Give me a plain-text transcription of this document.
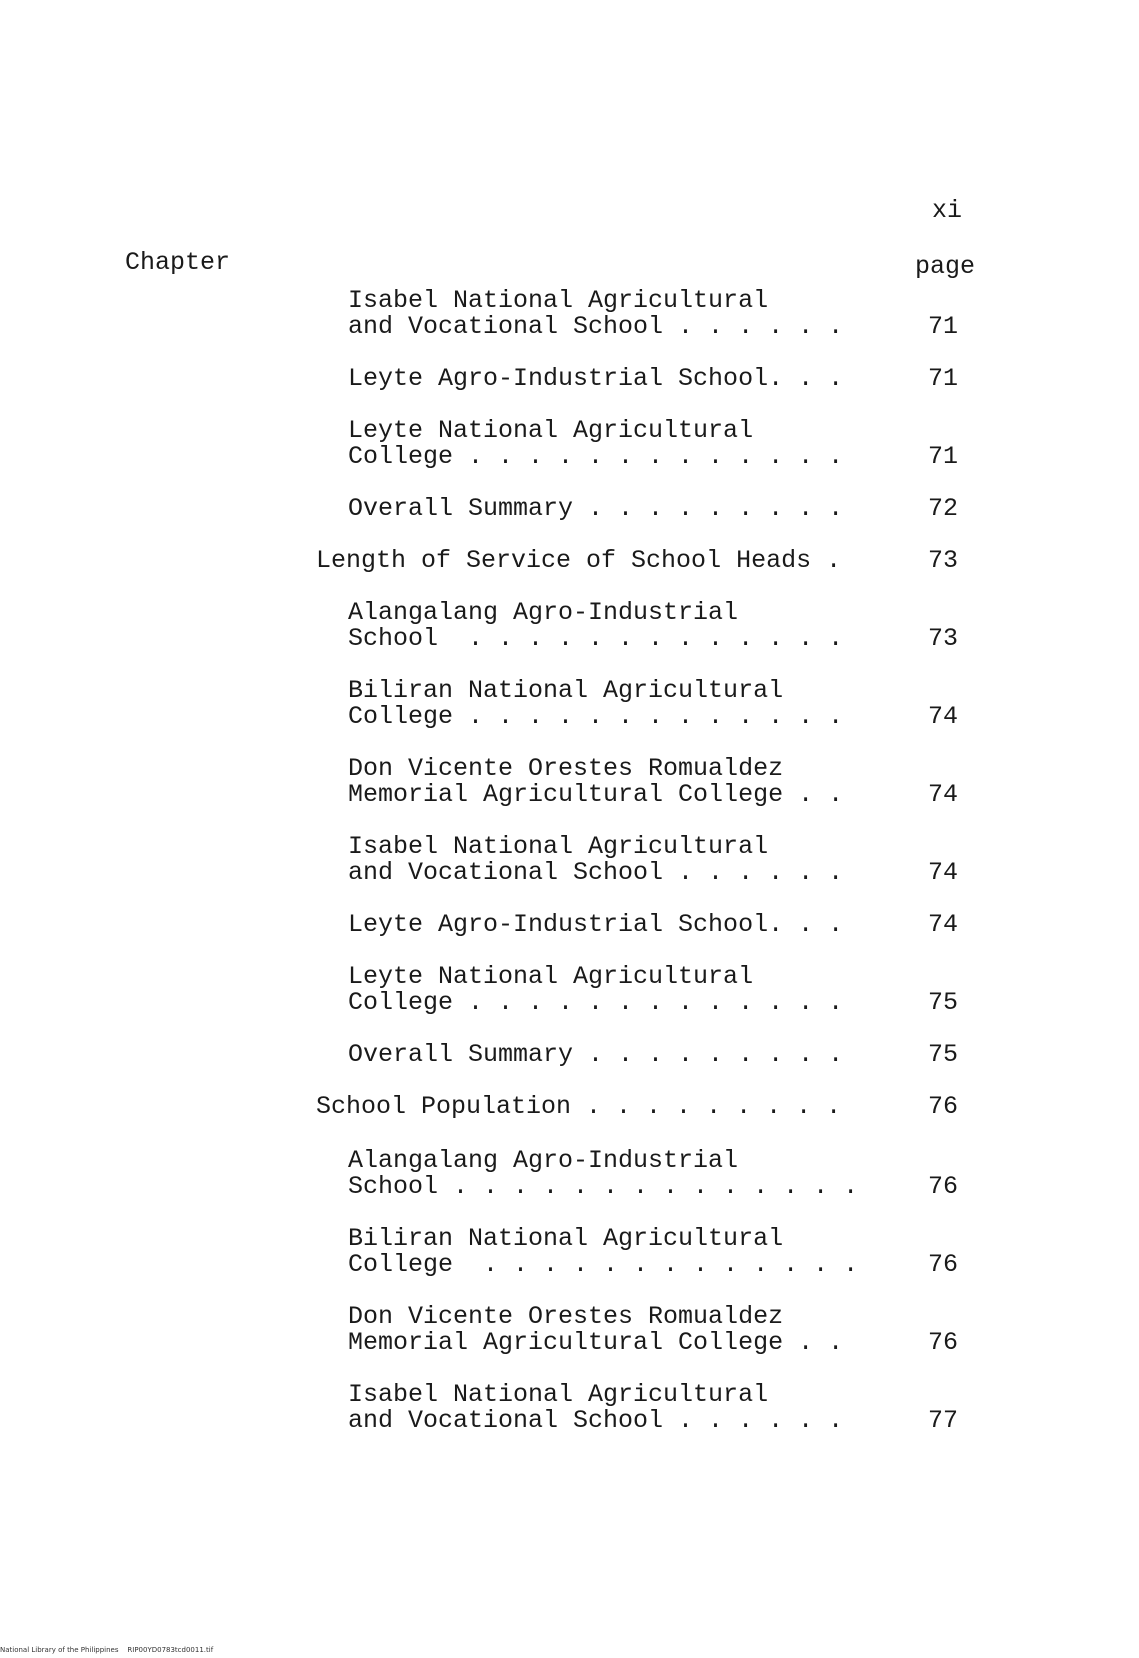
xi
Chapter	page
Isabel National Agricultural
and Vocational School . . . . . .	71
Leyte Agro-Industrial School. . .	71
Leyte National Agricultural
College . . . . . . . . . . . . .	71
Overall Summary . . . . . . . . .	72
Length of Service of School Heads .	73
Alangalang Agro-Industrial
School  . . . . . . . . . . . . .	73
Biliran National Agricultural
College . . . . . . . . . . . . .	74
Don Vicente Orestes Romualdez
Memorial Agricultural College . .	74
Isabel National Agricultural
and Vocational School . . . . . .	74
Leyte Agro-Industrial School. . .	74
Leyte National Agricultural
College . . . . . . . . . . . . .	75
Overall Summary . . . . . . . . .	75
School Population . . . . . . . . .	76
Alangalang Agro-Industrial
School . . . . . . . . . . . . . .	76
Biliran National Agricultural
College  . . . . . . . . . . . . .	76
Don Vicente Orestes Romualdez
Memorial Agricultural College . .	76
Isabel National Agricultural
and Vocational School . . . . . .	77
National Library of the Philippines    RIP00YD0783tcd0011.tif
